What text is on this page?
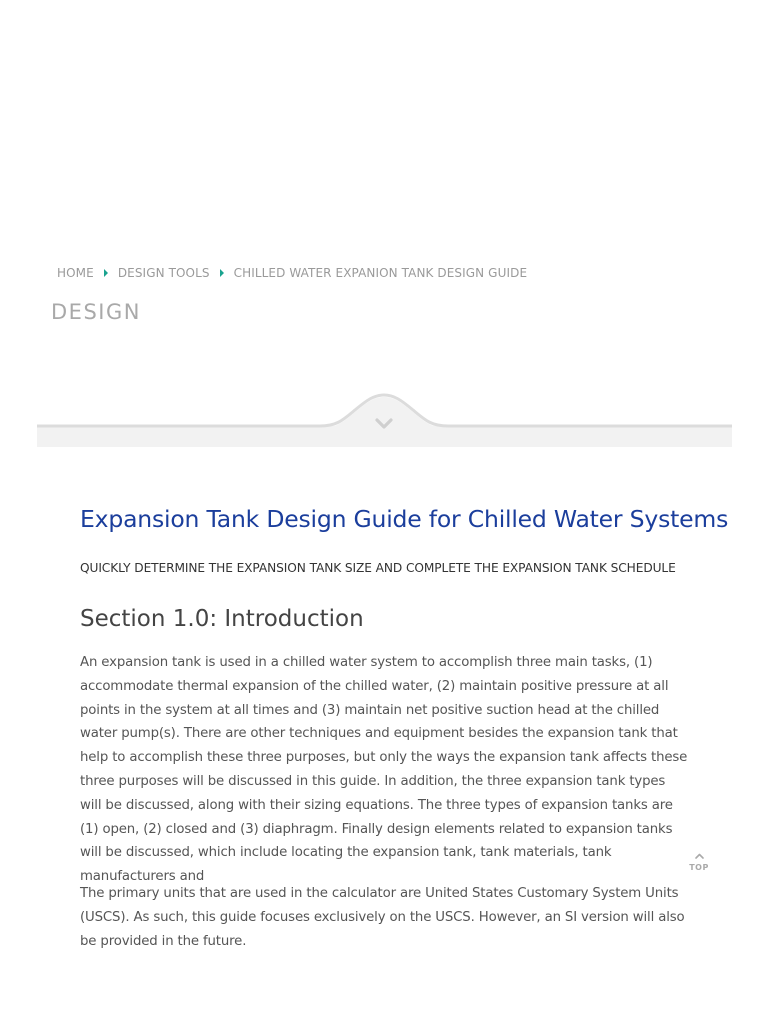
HOME DESIGN TOOLS CHILLED WATER EXPANION TANK DESIGN GUIDE
DESIGN
Expansion Tank Design Guide for Chilled Water Systems

QUICKLY DETERMINE THE EXPANSION TANK SIZE AND COMPLETE THE EXPANSION TANK SCHEDULE

Section 1.0: Introduction

An expansion tank is used in a chilled water system to accomplish three main tasks, (1) accommodate thermal expansion of the chilled water, (2) maintain positive pressure at all points in the system at all times and (3) maintain net positive suction head at the chilled water pump(s). There are other techniques and equipment besides the expansion tank that help to accomplish these three purposes, but only the ways the expansion tank affects these three purposes will be discussed in this guide. In addition, the three expansion tank types will be discussed, along with their sizing equations. The three types of expansion tanks are (1) open, (2) closed and (3) diaphragm. Finally design elements related to expansion tanks will be discussed, which include locating the expansion tank, tank materials, tank manufacturers and

The primary units that are used in the calculator are United States Customary System Units (USCS). As such, this guide focuses exclusively on the USCS. However, an SI version will also be provided in the future.

TOP
